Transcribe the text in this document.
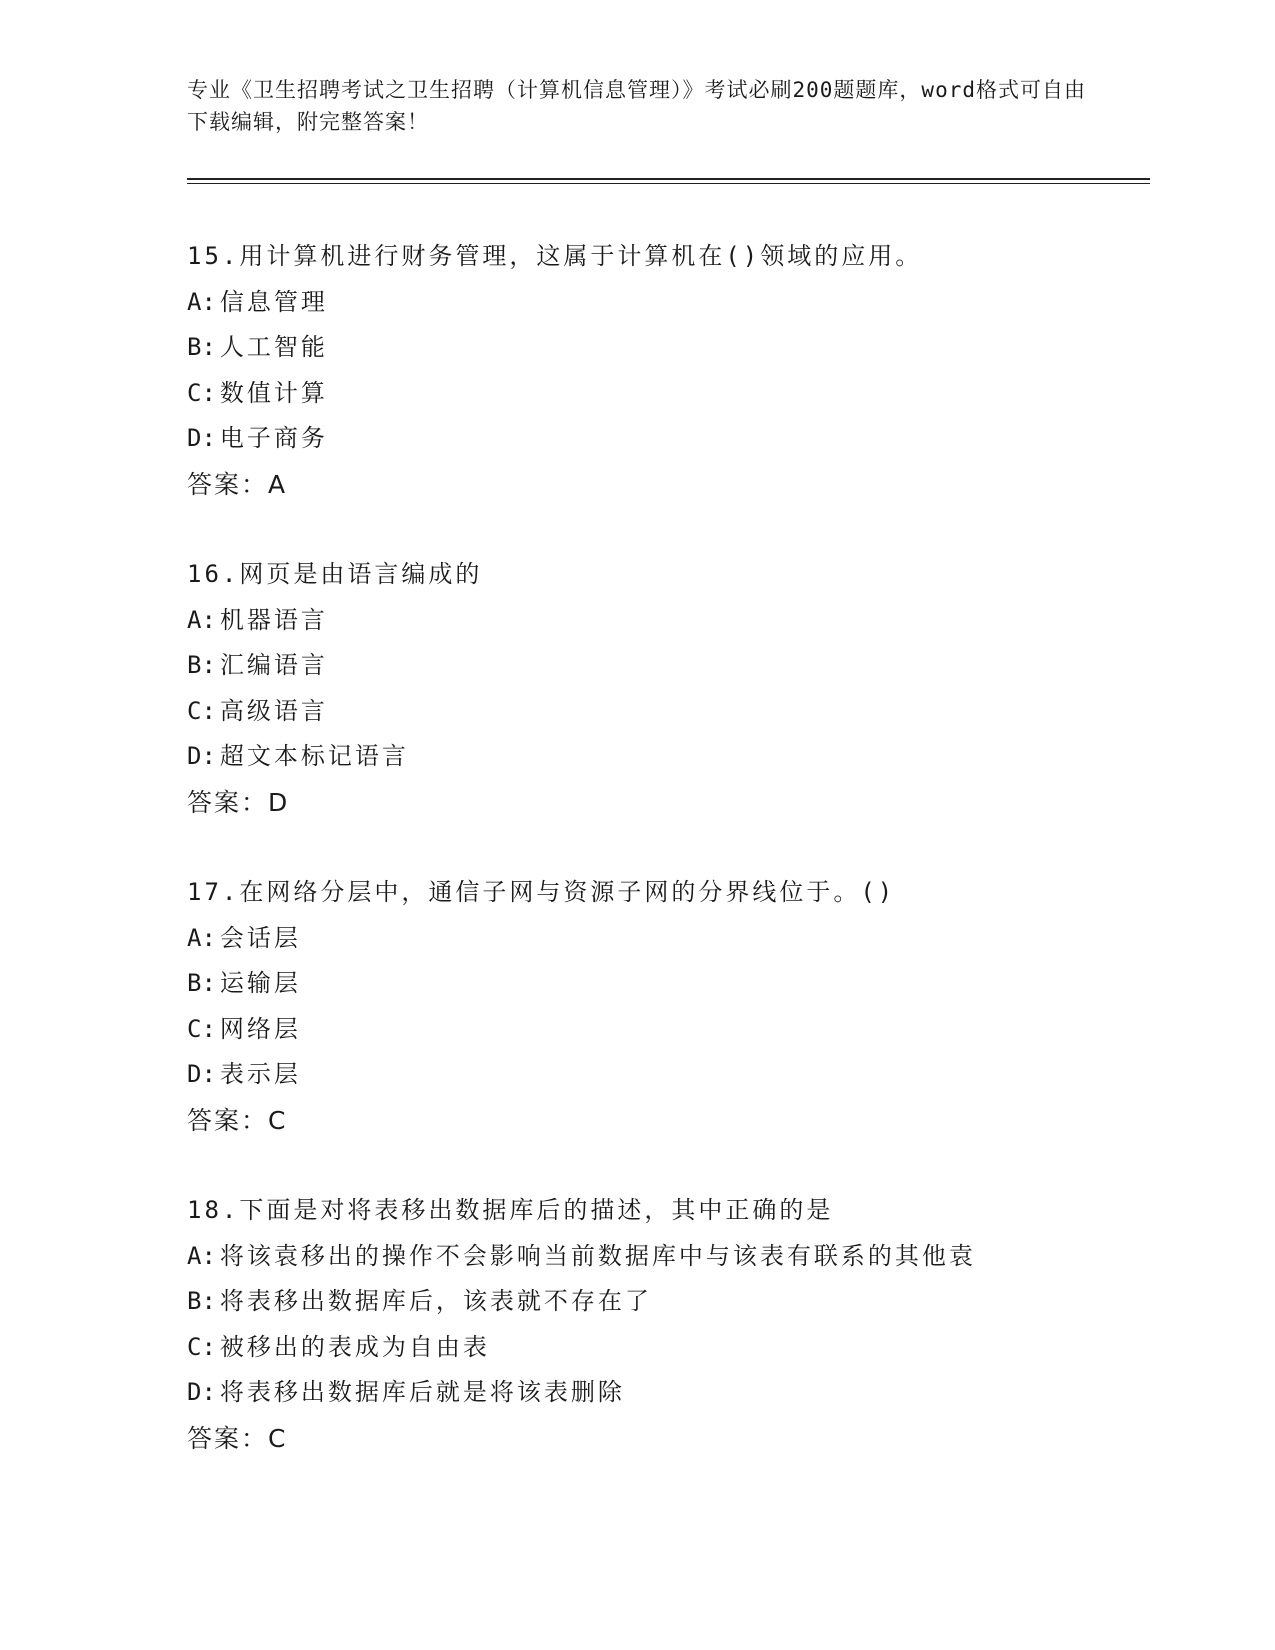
专业《卫生招聘考试之卫生招聘（计算机信息管理）》考试必刷200题题库，word格式可自由下载编辑，附完整答案！
15.用计算机进行财务管理，这属于计算机在()领域的应用。
A: 信息管理
B: 人工智能
C: 数值计算
D: 电子商务
答案：A
16.网页是由语言编成的
A: 机器语言
B: 汇编语言
C: 高级语言
D: 超文本标记语言
答案：D
17.在网络分层中，通信子网与资源子网的分界线位于。()
A: 会话层
B: 运输层
C: 网络层
D: 表示层
答案：C
18.下面是对将表移出数据库后的描述，其中正确的是
A: 将该袁移出的操作不会影响当前数据库中与该表有联系的其他袁
B: 将表移出数据库后，该表就不存在了
C: 被移出的表成为自由表
D: 将表移出数据库后就是将该表删除
答案：C
